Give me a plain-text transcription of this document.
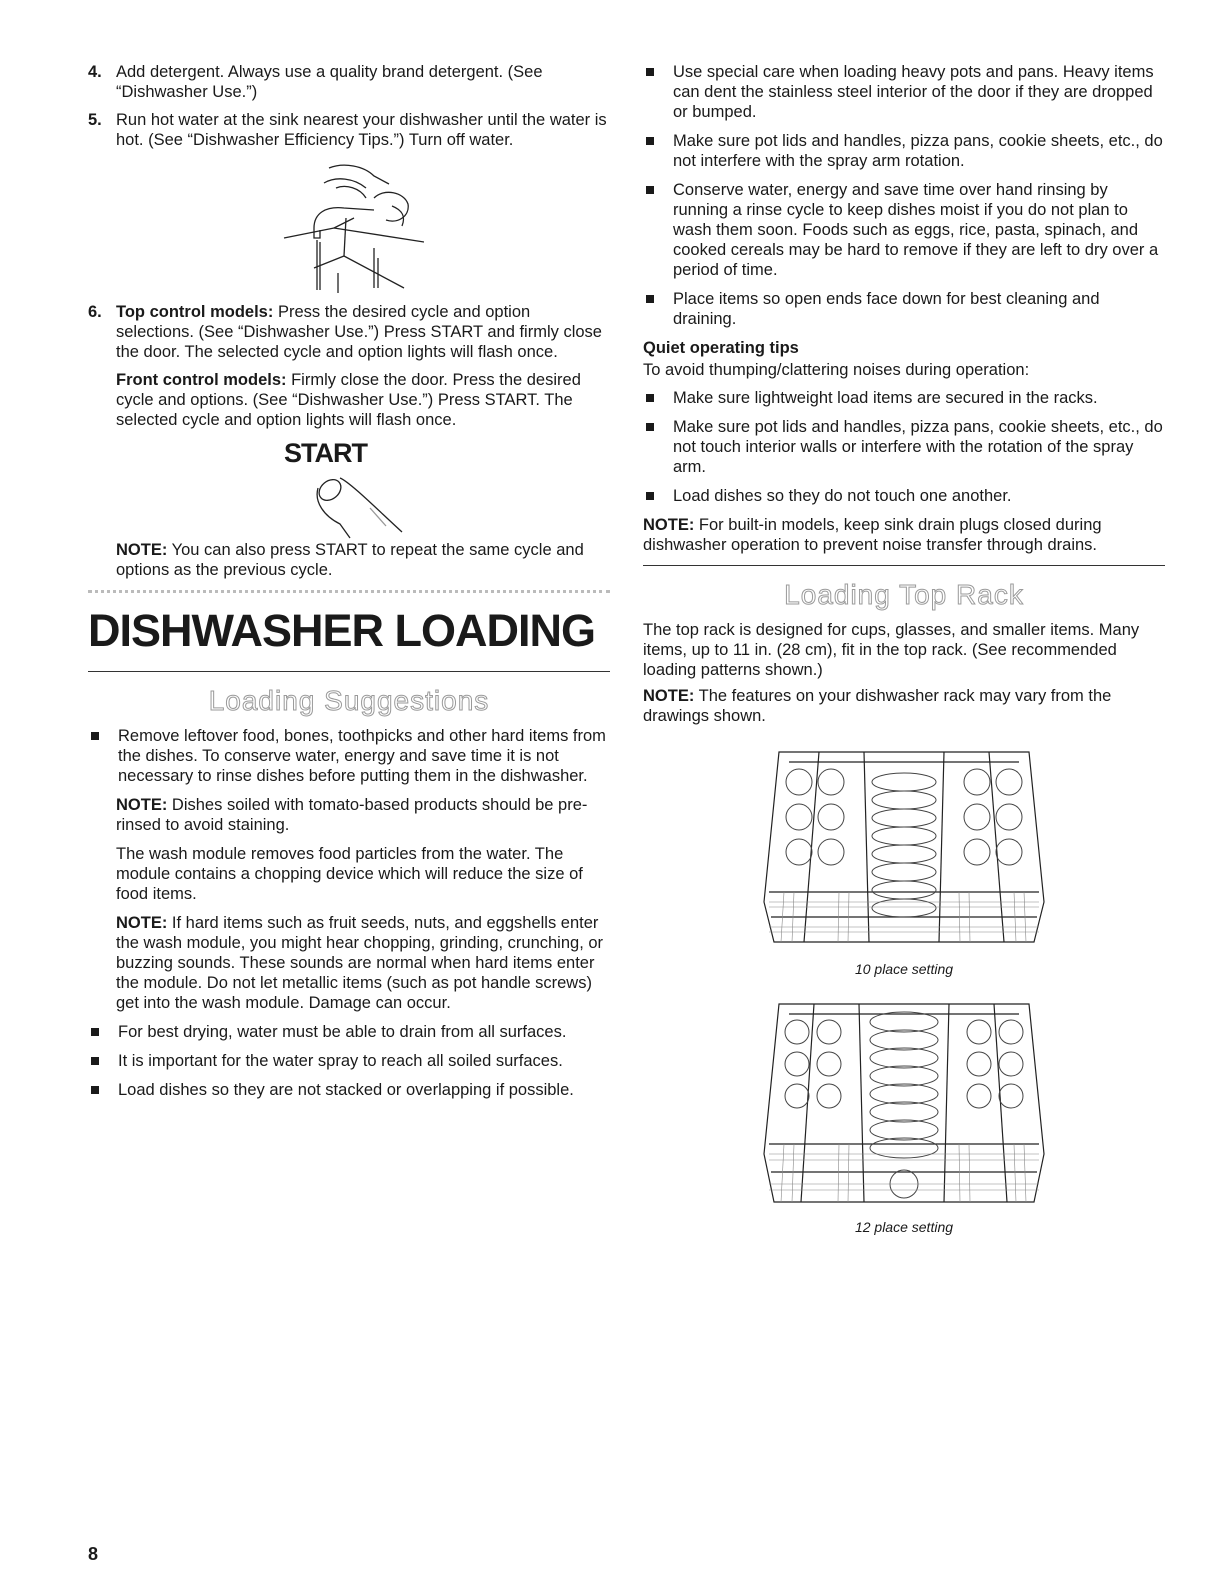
4. Add detergent. Always use a quality brand detergent. (See “Dishwasher Use.”)
5. Run hot water at the sink nearest your dishwasher until the water is hot. (See “Dishwasher Efficiency Tips.”) Turn off water.
6. Top control models: Press the desired cycle and option selections. (See “Dishwasher Use.”) Press START and firmly close the door. The selected cycle and option lights will flash once.
Front control models: Firmly close the door. Press the desired cycle and options. (See “Dishwasher Use.”) Press START. The selected cycle and option lights will flash once.
START
NOTE: You can also press START to repeat the same cycle and options as the previous cycle.
DISHWASHER LOADING
Loading Suggestions
Remove leftover food, bones, toothpicks and other hard items from the dishes. To conserve water, energy and save time it is not necessary to rinse dishes before putting them in the dishwasher.
NOTE: Dishes soiled with tomato-based products should be pre-rinsed to avoid staining.
The wash module removes food particles from the water. The module contains a chopping device which will reduce the size of food items.
NOTE: If hard items such as fruit seeds, nuts, and eggshells enter the wash module, you might hear chopping, grinding, crunching, or buzzing sounds. These sounds are normal when hard items enter the module. Do not let metallic items (such as pot handle screws) get into the wash module. Damage can occur.
For best drying, water must be able to drain from all surfaces.
It is important for the water spray to reach all soiled surfaces.
Load dishes so they are not stacked or overlapping if possible.
Use special care when loading heavy pots and pans. Heavy items can dent the stainless steel interior of the door if they are dropped or bumped.
Make sure pot lids and handles, pizza pans, cookie sheets, etc., do not interfere with the spray arm rotation.
Conserve water, energy and save time over hand rinsing by running a rinse cycle to keep dishes moist if you do not plan to wash them soon. Foods such as eggs, rice, pasta, spinach, and cooked cereals may be hard to remove if they are left to dry over a period of time.
Place items so open ends face down for best cleaning and draining.
Quiet operating tips

To avoid thumping/clattering noises during operation:

Make sure lightweight load items are secured in the racks.
Make sure pot lids and handles, pizza pans, cookie sheets, etc., do not touch interior walls or interfere with the rotation of the spray arm.
Load dishes so they do not touch one another.

NOTE: For built-in models, keep sink drain plugs closed during dishwasher operation to prevent noise transfer through drains.

Loading Top Rack

The top rack is designed for cups, glasses, and smaller items. Many items, up to 11 in. (28 cm), fit in the top rack. (See recommended loading patterns shown.)

NOTE: The features on your dishwasher rack may vary from the drawings shown.

10 place setting
12 place setting
8
